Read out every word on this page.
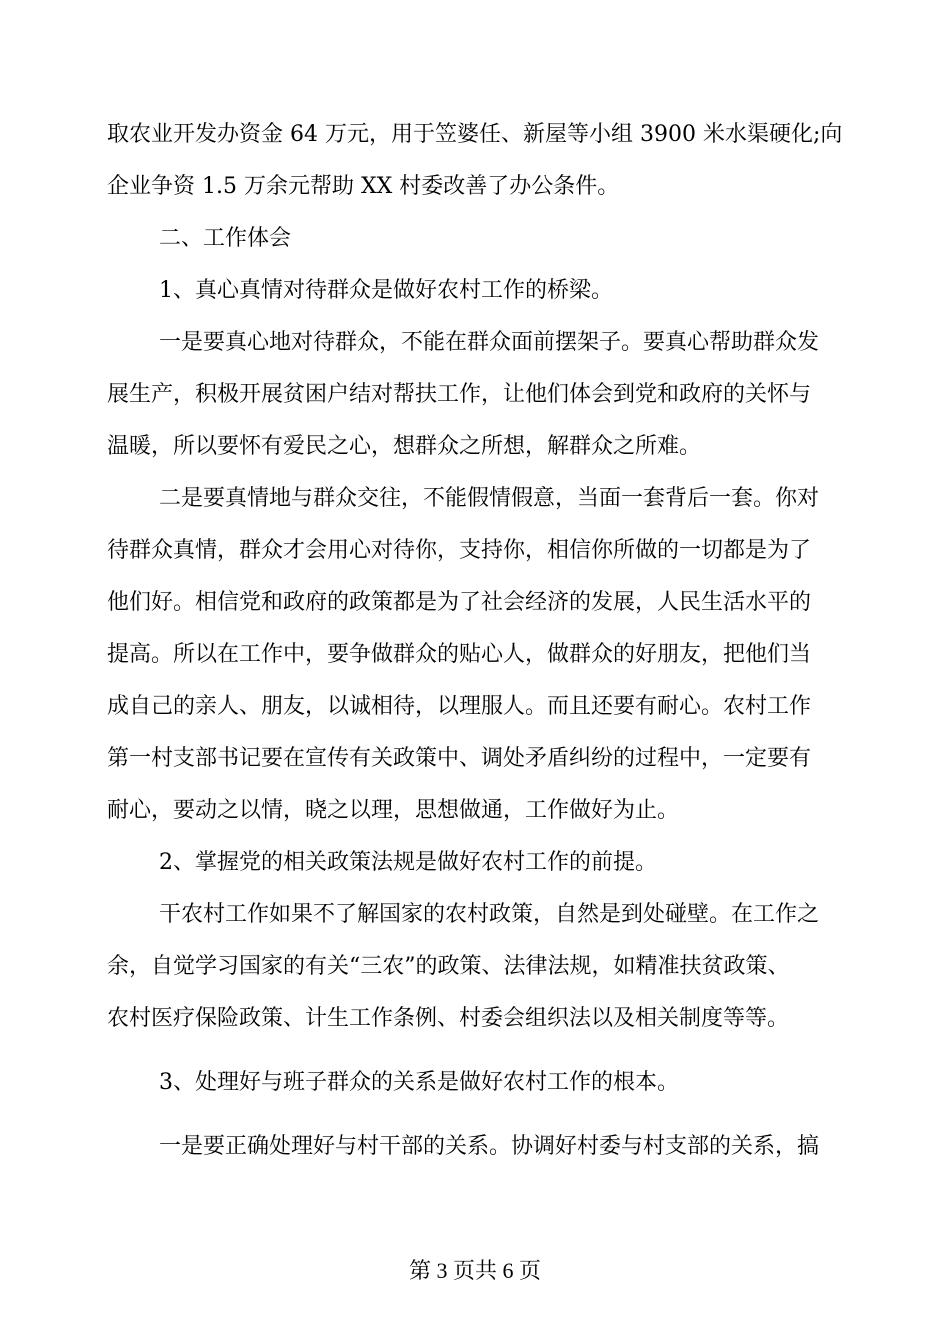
取农业开发办资金 64 万元，用于笠婆任、新屋等小组 3900 米水渠硬化;向
企业争资 1.5 万余元帮助 XX 村委改善了办公条件。
二、工作体会
1、真心真情对待群众是做好农村工作的桥梁。
一是要真心地对待群众，不能在群众面前摆架子。要真心帮助群众发
展生产，积极开展贫困户结对帮扶工作，让他们体会到党和政府的关怀与
温暖，所以要怀有爱民之心，想群众之所想，解群众之所难。
二是要真情地与群众交往，不能假情假意，当面一套背后一套。你对
待群众真情，群众才会用心对待你，支持你，相信你所做的一切都是为了
他们好。相信党和政府的政策都是为了社会经济的发展，人民生活水平的
提高。所以在工作中，要争做群众的贴心人，做群众的好朋友，把他们当
成自己的亲人、朋友，以诚相待，以理服人。而且还要有耐心。农村工作
第一村支部书记要在宣传有关政策中、调处矛盾纠纷的过程中，一定要有
耐心，要动之以情，晓之以理，思想做通，工作做好为止。
2、掌握党的相关政策法规是做好农村工作的前提。
干农村工作如果不了解国家的农村政策，自然是到处碰壁。在工作之
余，自觉学习国家的有关“三农”的政策、法律法规，如精准扶贫政策、
农村医疗保险政策、计生工作条例、村委会组织法以及相关制度等等。
3、处理好与班子群众的关系是做好农村工作的根本。
一是要正确处理好与村干部的关系。协调好村委与村支部的关系，搞
第 3 页共 6 页
